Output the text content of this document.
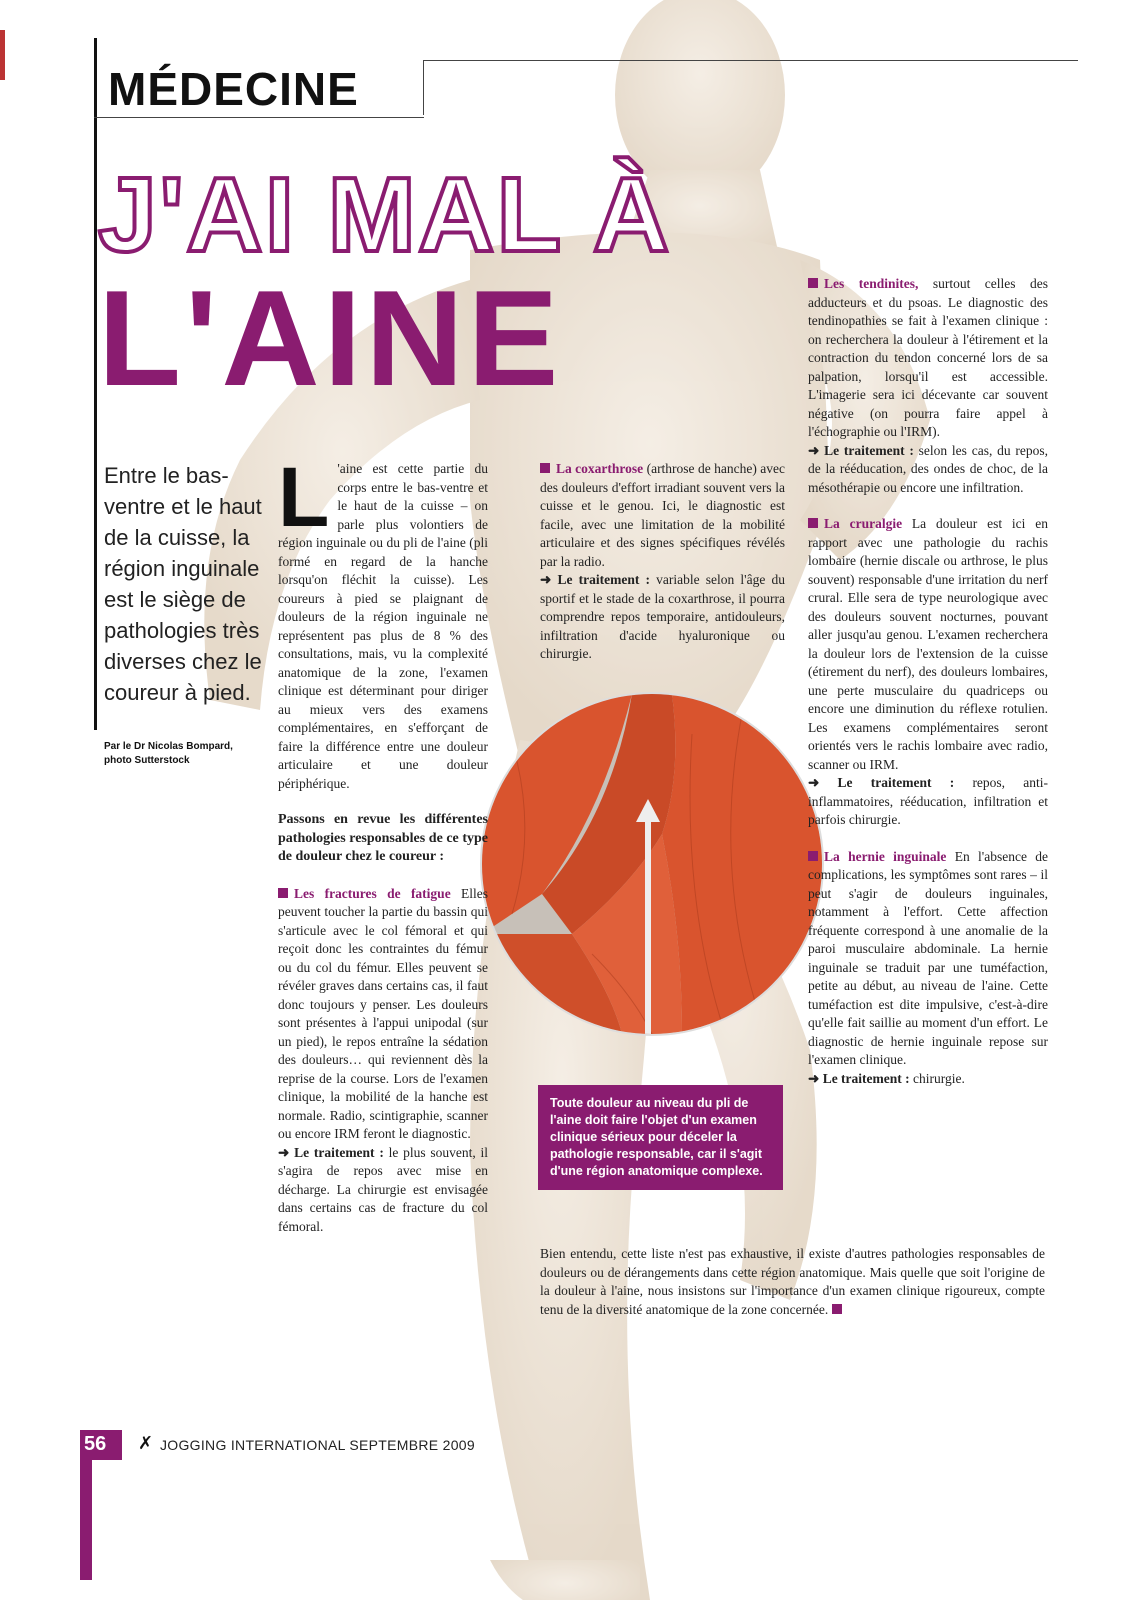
MÉDECINE
J'AI MAL À
L'AINE
Entre le bas-ventre et le haut de la cuisse, la région inguinale est le siège de pathologies très diverses chez le coureur à pied.
Par le Dr Nicolas Bompard,
photo Sutterstock

L 'aine est cette partie du corps entre le bas-ventre et le haut de la cuisse – on parle plus volontiers de région inguinale ou du pli de l'aine (pli formé en regard de la hanche lorsqu'on fléchit la cuisse). Les coureurs à pied se plaignant de douleurs de la région inguinale ne représentent pas plus de 8 % des consultations, mais, vu la complexité anatomique de la zone, l'examen clinique est déterminant pour diriger au mieux vers des examens complémentaires, en s'efforçant de faire la différence entre une douleur articulaire et une douleur périphérique.

Passons en revue les différentes pathologies responsables de ce type de douleur chez le coureur :

Les fractures de fatigue Elles peuvent toucher la partie du bassin qui s'articule avec le col fémoral et qui reçoit donc les contraintes du fémur ou du col du fémur. Elles peuvent se révéler graves dans certains cas, il faut donc toujours y penser. Les douleurs sont présentes à l'appui unipodal (sur un pied), le repos entraîne la sédation des douleurs… qui reviennent dès la reprise de la course. Lors de l'examen clinique, la mobilité de la hanche est normale. Radio, scintigraphie, scanner ou encore IRM feront le diagnostic.

➜ Le traitement : le plus souvent, il s'agira de repos avec mise en décharge. La chirurgie est envisagée dans certains cas de fracture du col fémoral.

La coxarthrose (arthrose de hanche) avec des douleurs d'effort irradiant souvent vers la cuisse et le genou. Ici, le diagnostic est facile, avec une limitation de la mobilité articulaire et des signes spécifiques révélés par la radio.

➜ Le traitement : variable selon l'âge du sportif et le stade de la coxarthrose, il pourra comprendre repos temporaire, antidouleurs, infiltration d'acide hyaluronique ou chirurgie.

Les tendinites, surtout celles des adducteurs et du psoas. Le diagnostic des tendinopathies se fait à l'examen clinique : on recherchera la douleur à l'étirement et la contraction du tendon concerné lors de sa palpation, lorsqu'il est accessible. L'imagerie sera ici décevante car souvent négative (on pourra faire appel à l'échographie ou l'IRM).

➜ Le traitement : selon les cas, du repos, de la rééducation, des ondes de choc, de la mésothérapie ou encore une infiltration.

La cruralgie La douleur est ici en rapport avec une pathologie du rachis lombaire (hernie discale ou arthrose, le plus souvent) responsable d'une irritation du nerf crural. Elle sera de type neurologique avec des douleurs souvent nocturnes, pouvant aller jusqu'au genou. L'examen recherchera la douleur lors de l'extension de la cuisse (étirement du nerf), des douleurs lombaires, une perte musculaire du quadriceps ou encore une diminution du réflexe rotulien. Les examens complémentaires seront orientés vers le rachis lombaire avec radio, scanner ou IRM.

➜ Le traitement : repos, anti-inflammatoires, rééducation, infiltration et parfois chirurgie.

La hernie inguinale En l'absence de complications, les symptômes sont rares – il peut s'agir de douleurs inguinales, notamment à l'effort. Cette affection fréquente correspond à une anomalie de la paroi musculaire abdominale. La hernie inguinale se traduit par une tuméfaction, petite au début, au niveau de l'aine. Cette tuméfaction est dite impulsive, c'est-à-dire qu'elle fait saillie au moment d'un effort. Le diagnostic de hernie inguinale repose sur l'examen clinique.

➜ Le traitement : chirurgie.

Toute douleur au niveau du pli de l'aine doit faire l'objet d'un examen clinique sérieux pour déceler la pathologie responsable, car il s'agit d'une région anatomique complexe.

Bien entendu, cette liste n'est pas exhaustive, il existe d'autres pathologies responsables de douleurs ou de dérangements dans cette région anatomique. Mais quelle que soit l'origine de la douleur à l'aine, nous insistons sur l'importance d'un examen clinique rigoureux, compte tenu de la diversité anatomique de la zone concernée.

56 ✗ JOGGING INTERNATIONAL SEPTEMBRE 2009
